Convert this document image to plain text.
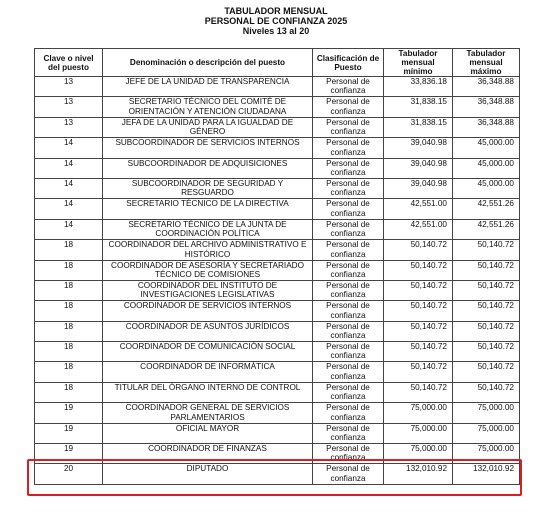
TABULADOR MENSUAL
PERSONAL DE CONFIANZA 2025
Niveles 13 al 20
Clave o nivel del puesto	Denominación o descripción del puesto	Clasificación de Puesto	Tabulador mensual mínimo	Tabulador mensual máximo
13	JEFE DE LA UNIDAD DE TRANSPARENCIA	Personal de confianza	33,836.18	36,348.88
13	SECRETARIO TÉCNICO DEL COMITÉ DE ORIENTACIÓN Y ATENCIÓN CIUDADANA	Personal de confianza	31,838.15	36,348.88
13	JEFA DE LA UNIDAD PARA LA IGUALDAD DE GÉNERO	Personal de confianza	31,838.15	36,348.88
14	SUBCOORDINADOR DE SERVICIOS INTERNOS	Personal de confianza	39,040.98	45,000.00
14	SUBCOORDINADOR DE ADQUISICIONES	Personal de confianza	39,040.98	45,000.00
14	SUBCOORDINADOR DE SEGURIDAD Y RESGUARDO	Personal de confianza	39,040.98	45,000.00
14	SECRETARIO TÉCNICO DE LA DIRECTIVA	Personal de confianza	42,551.00	42,551.26
14	SECRETARIO TÉCNICO DE LA JUNTA DE COORDINACIÓN POLÍTICA	Personal de confianza	42,551.00	42,551.26
18	COORDINADOR DEL ARCHIVO ADMINISTRATIVO E HISTÓRICO	Personal de confianza	50,140.72	50,140.72
18	COORDINADOR DE ASESORÍA Y SECRETARIADO TÉCNICO DE COMISIONES	Personal de confianza	50,140.72	50,140.72
18	COORDINADOR DEL INSTITUTO DE INVESTIGACIONES LEGISLATIVAS	Personal de confianza	50,140.72	50,140.72
18	COORDINADOR DE SERVICIOS INTERNOS	Personal de confianza	50,140.72	50,140.72
18	COORDINADOR DE ASUNTOS JURÍDICOS	Personal de confianza	50,140.72	50,140.72
18	COORDINADOR DE COMUNICACIÓN SOCIAL	Personal de confianza	50,140.72	50,140.72
18	COORDINADOR DE INFORMÁTICA	Personal de confianza	50,140.72	50,140.72
18	TITULAR DEL ÓRGANO INTERNO DE CONTROL	Personal de confianza	50,140.72	50,140.72
19	COORDINADOR GENERAL DE SERVICIOS PARLAMENTARIOS	Personal de confianza	75,000.00	75,000.00
19	OFICIAL MAYOR	Personal de confianza	75,000.00	75,000.00
19	COORDINADOR DE FINANZAS	Personal de confianza	75,000.00	75,000.00
20	DIPUTADO	Personal de confianza	132,010.92	132,010.92
